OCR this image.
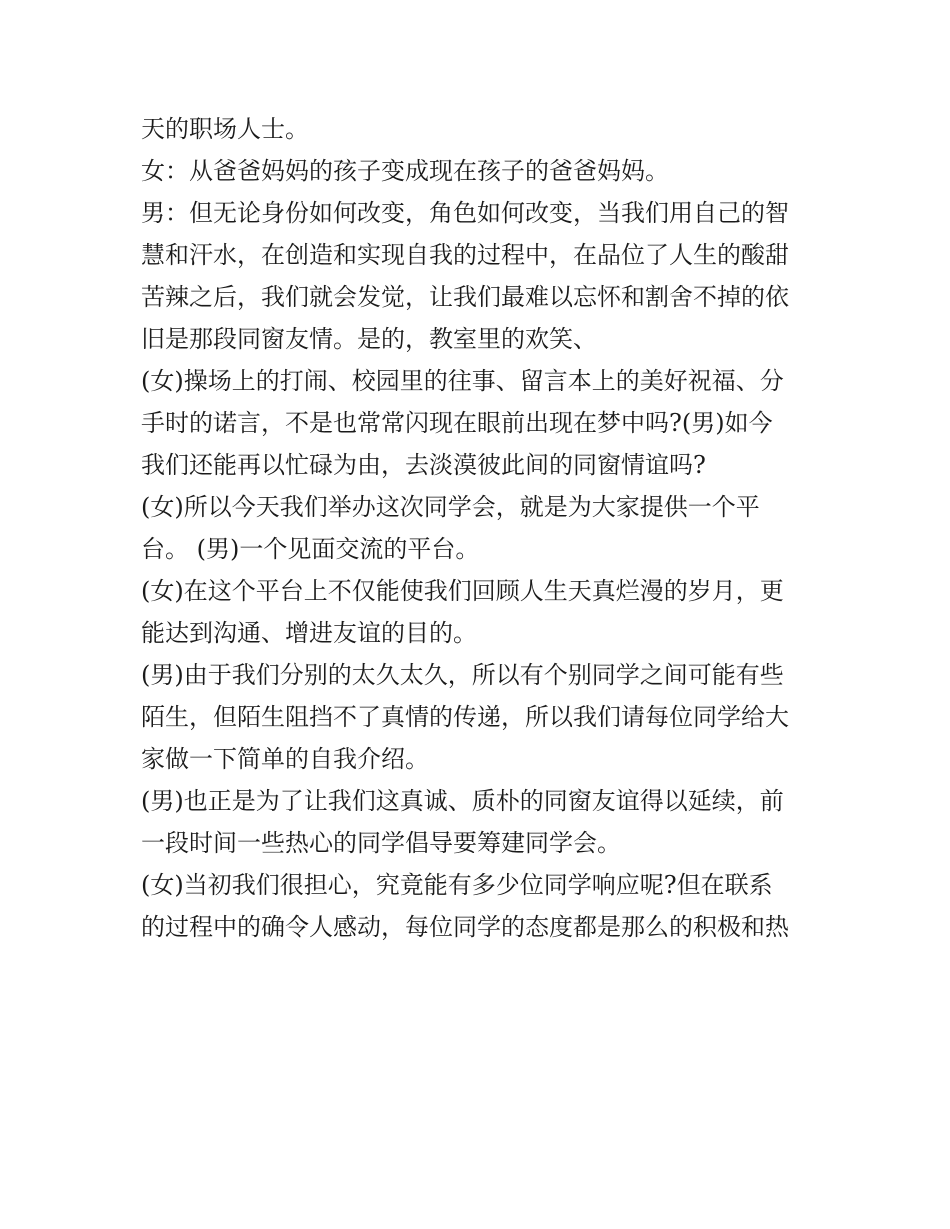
天的职场人士。

女：从爸爸妈妈的孩子变成现在孩子的爸爸妈妈。

男：但无论身份如何改变，角色如何改变，当我们用自己的智

慧和汗水，在创造和实现自我的过程中，在品位了人生的酸甜

苦辣之后，我们就会发觉，让我们最难以忘怀和割舍不掉的依

旧是那段同窗友情。是的，教室里的欢笑、

(女)操场上的打闹、校园里的往事、留言本上的美好祝福、分

手时的诺言，不是也常常闪现在眼前出现在梦中吗?(男)如今

我们还能再以忙碌为由，去淡漠彼此间的同窗情谊吗?

(女)所以今天我们举办这次同学会，就是为大家提供一个平

台。 (男)一个见面交流的平台。

(女)在这个平台上不仅能使我们回顾人生天真烂漫的岁月，更

能达到沟通、增进友谊的目的。

(男)由于我们分别的太久太久，所以有个别同学之间可能有些

陌生，但陌生阻挡不了真情的传递，所以我们请每位同学给大

家做一下简单的自我介绍。

(男)也正是为了让我们这真诚、质朴的同窗友谊得以延续，前

一段时间一些热心的同学倡导要筹建同学会。

(女)当初我们很担心，究竟能有多少位同学响应呢?但在联系

的过程中的确令人感动，每位同学的态度都是那么的积极和热
